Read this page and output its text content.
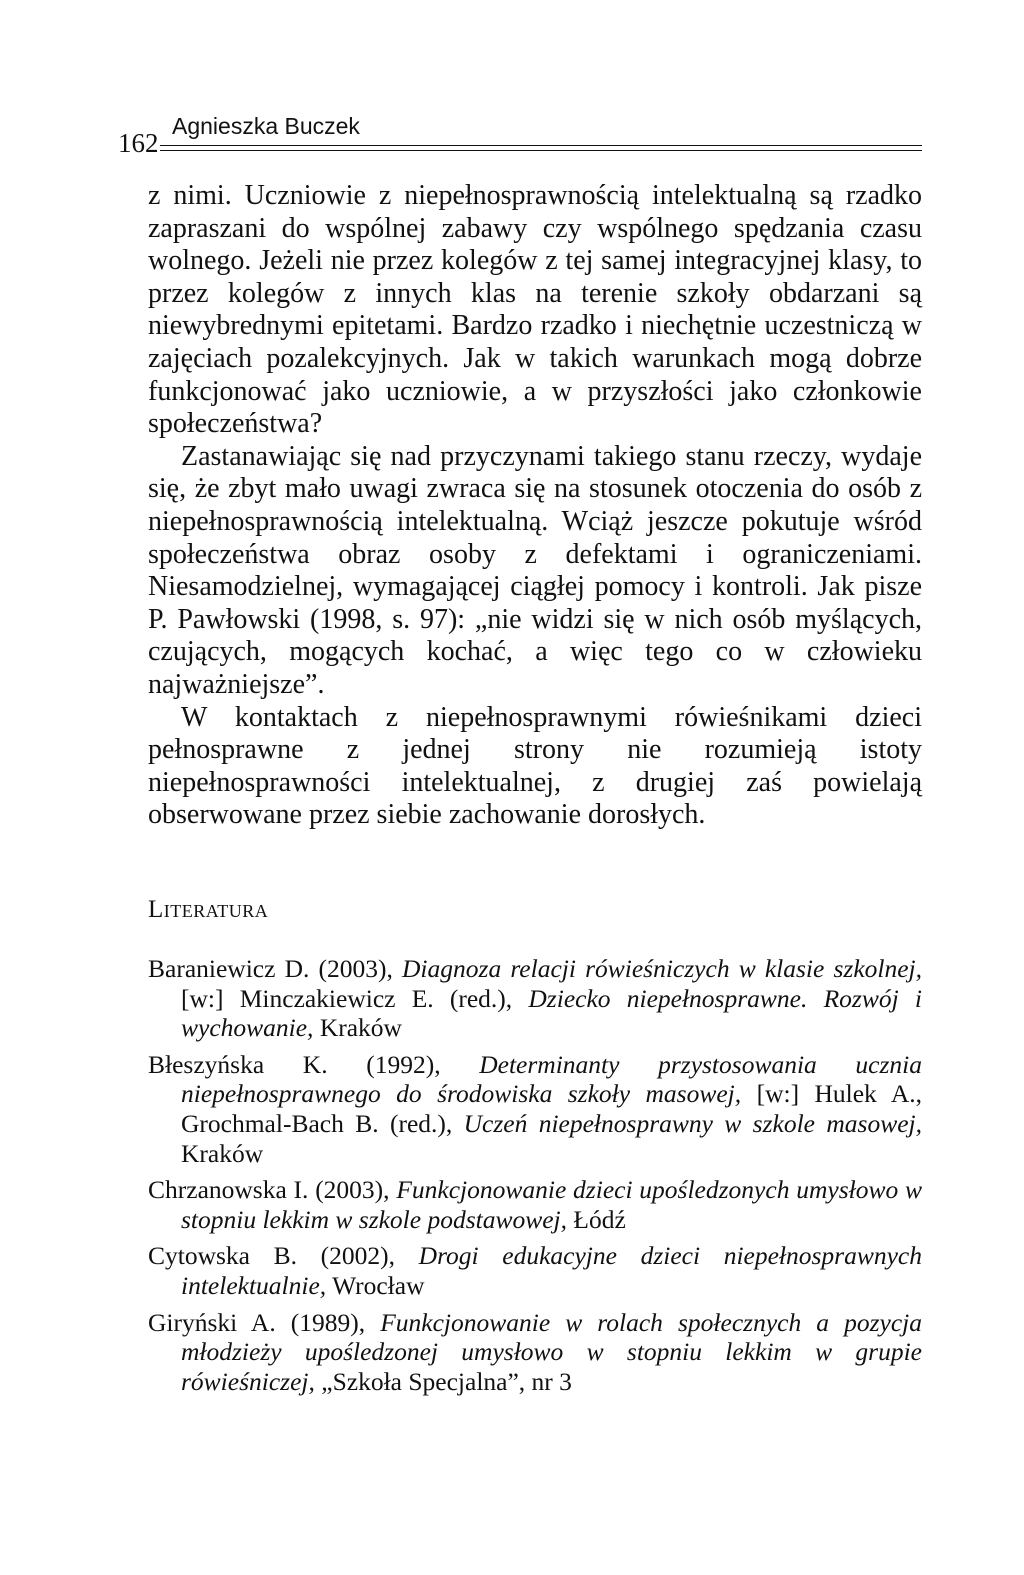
162
Agnieszka Buczek

z nimi. Uczniowie z niepełnosprawnością intelektualną są rzadko zapraszani do wspólnej zabawy czy wspólnego spędzania czasu wolnego. Jeżeli nie przez kolegów z tej samej integracyjnej klasy, to przez kolegów z innych klas na terenie szkoły obdarzani są niewybrednymi epitetami. Bardzo rzadko i niechętnie uczestniczą w zajęciach pozalekcyjnych. Jak w takich warunkach mogą dobrze funkcjonować jako uczniowie, a w przyszłości jako członkowie społeczeństwa?

Zastanawiając się nad przyczynami takiego stanu rzeczy, wydaje się, że zbyt mało uwagi zwraca się na stosunek otoczenia do osób z niepełnosprawnością intelektualną. Wciąż jeszcze pokutuje wśród społeczeństwa obraz osoby z defektami i ograniczeniami. Niesamodzielnej, wymagającej ciągłej pomocy i kontroli. Jak pisze P. Pawłowski (1998, s. 97): „nie widzi się w nich osób myślących, czujących, mogących kochać, a więc tego co w człowieku najważniejsze”.

W kontaktach z niepełnosprawnymi rówieśnikami dzieci pełnosprawne z jednej strony nie rozumieją istoty niepełnosprawności intelektualnej, z drugiej zaś powielają obserwowane przez siebie zachowanie dorosłych.

Literatura
Baraniewicz D. (2003), Diagnoza relacji rówieśniczych w klasie szkolnej, [w:] Minczakiewicz E. (red.), Dziecko niepełnosprawne. Rozwój i wychowanie, Kraków
Błeszyńska K. (1992), Determinanty przystosowania ucznia niepełnosprawnego do środowiska szkoły masowej, [w:] Hulek A., Grochmal-Bach B. (red.), Uczeń niepełnosprawny w szkole masowej, Kraków
Chrzanowska I. (2003), Funkcjonowanie dzieci upośledzonych umysłowo w stopniu lekkim w szkole podstawowej, Łódź
Cytowska B. (2002), Drogi edukacyjne dzieci niepełnosprawnych intelektualnie, Wrocław
Giryński A. (1989), Funkcjonowanie w rolach społecznych a pozycja młodzieży upośledzonej umysłowo w stopniu lekkim w grupie rówieśniczej, „Szkoła Specjalna”, nr 3
